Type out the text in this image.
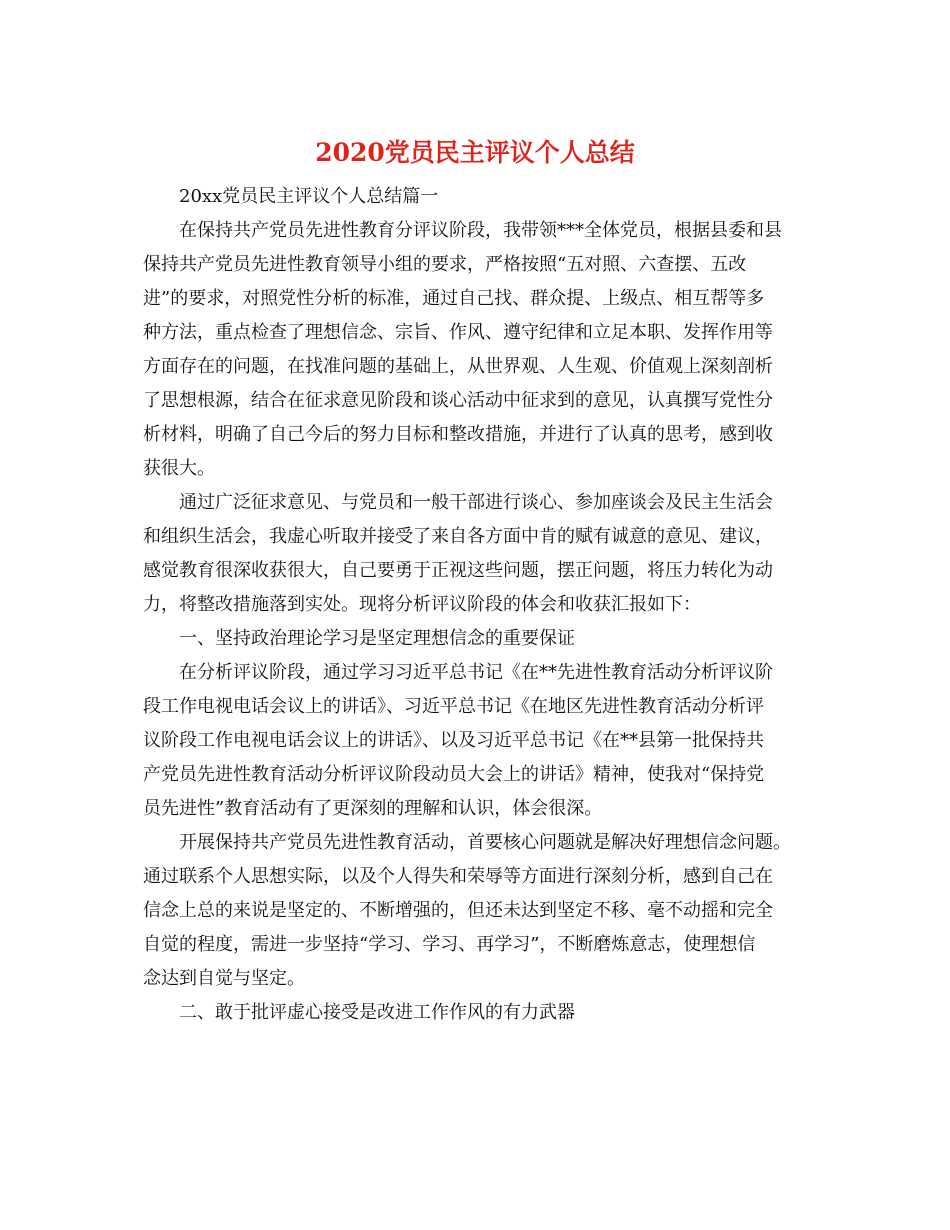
2020党员民主评议个人总结
20xx党员民主评议个人总结篇一
在保持共产党员先进性教育分评议阶段，我带领***全体党员，根据县委和县
保持共产党员先进性教育领导小组的要求，严格按照“五对照、六查摆、五改
进”的要求，对照党性分析的标准，通过自己找、群众提、上级点、相互帮等多
种方法，重点检查了理想信念、宗旨、作风、遵守纪律和立足本职、发挥作用等
方面存在的问题，在找准问题的基础上，从世界观、人生观、价值观上深刻剖析
了思想根源，结合在征求意见阶段和谈心活动中征求到的意见，认真撰写党性分
析材料，明确了自己今后的努力目标和整改措施，并进行了认真的思考，感到收
获很大。
通过广泛征求意见、与党员和一般干部进行谈心、参加座谈会及民主生活会
和组织生活会，我虚心听取并接受了来自各方面中肯的赋有诚意的意见、建议，
感觉教育很深收获很大，自己要勇于正视这些问题，摆正问题，将压力转化为动
力，将整改措施落到实处。现将分析评议阶段的体会和收获汇报如下：
一、坚持政治理论学习是坚定理想信念的重要保证
在分析评议阶段，通过学习习近平总书记《在**先进性教育活动分析评议阶
段工作电视电话会议上的讲话》、习近平总书记《在地区先进性教育活动分析评
议阶段工作电视电话会议上的讲话》、以及习近平总书记《在**县第一批保持共
产党员先进性教育活动分析评议阶段动员大会上的讲话》精神，使我对“保持党
员先进性”教育活动有了更深刻的理解和认识，体会很深。
开展保持共产党员先进性教育活动，首要核心问题就是解决好理想信念问题。
通过联系个人思想实际，以及个人得失和荣辱等方面进行深刻分析，感到自己在
信念上总的来说是坚定的、不断增强的，但还未达到坚定不移、毫不动摇和完全
自觉的程度，需进一步坚持“学习、学习、再学习”，不断磨炼意志，使理想信
念达到自觉与坚定。
二、敢于批评虚心接受是改进工作作风的有力武器
